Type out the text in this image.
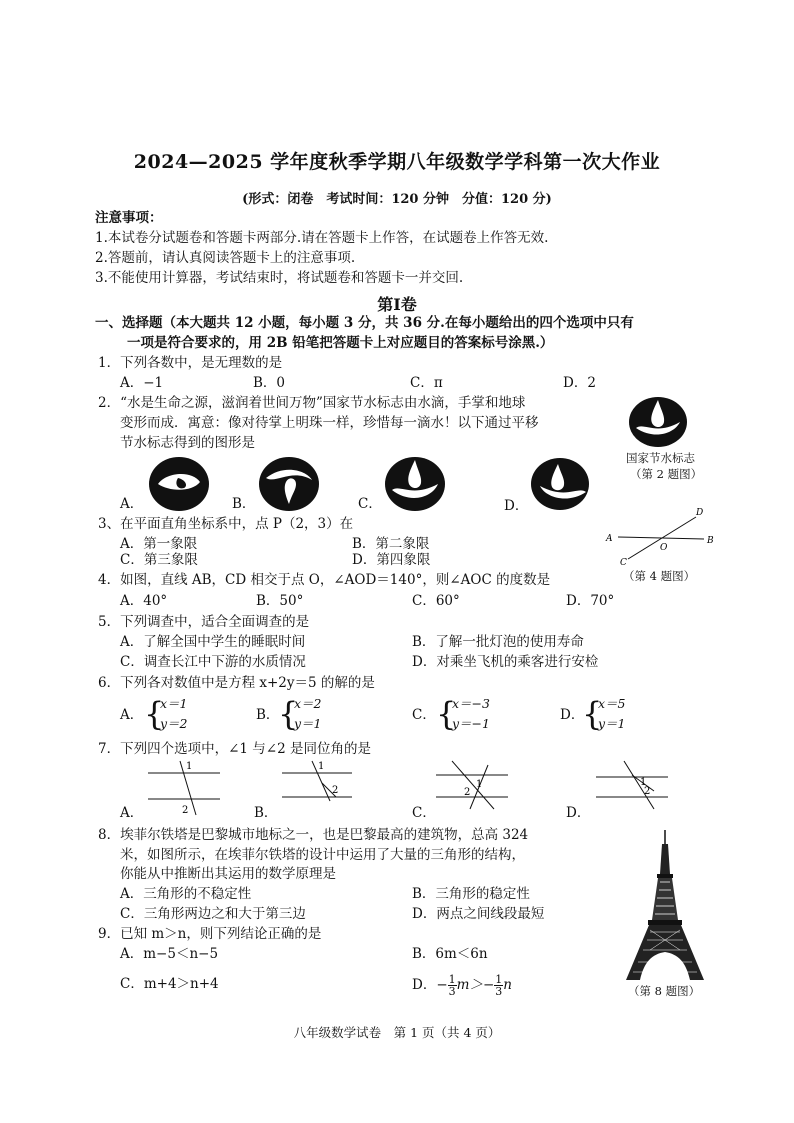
2024—2025 学年度秋季学期八年级数学学科第一次大作业
(形式：闭卷　考试时间：120 分钟　分值：120 分)
注意事项：
1.本试卷分试题卷和答题卡两部分.请在答题卡上作答，在试题卷上作答无效.
2.答题前，请认真阅读答题卡上的注意事项.
3.不能使用计算器，考试结束时，将试题卷和答题卡一并交回.
第Ⅰ卷
一、选择题（本大题共 12 小题，每小题 3 分，共 36 分.在每小题给出的四个选项中只有
一项是符合要求的，用 2B 铅笔把答题卡上对应题目的答案标号涂黑.）
1．下列各数中，是无理数的是
A．−1	B．0	C．π	D．2
2．“水是生命之源，滋润着世间万物”国家节水标志由水滴，手掌和地球
变形而成．寓意：像对待掌上明珠一样，珍惜每一滴水！以下通过平移
节水标志得到的图形是
国家节水标志
（第 2 题图）
A．	B．	C．	D．
3、在平面直角坐标系中，点 P（2，3）在
A．第一象限	B．第二象限
C．第三象限	D．第四象限
A	B
C
D
O
（第 4 题图）
4．如图，直线 AB，CD 相交于点 O，∠AOD＝140°，则∠AOC 的度数是
A．40°	B．50°	C．60°	D．70°
5．下列调查中，适合全面调查的是
A．了解全国中学生的睡眠时间	B．了解一批灯泡的使用寿命
C．调查长江中下游的水质情况	D．对乘坐飞机的乘客进行安检
6．下列各对数值中是方程 x+2y＝5 的解的是
A． {
x＝1
y＝2
B．
{
x＝2
y＝1
C． {
x＝−3
y＝−1
D．
{
x＝5
y＝1
7．下列四个选项中，∠1 与∠2 是同位角的是
A．
1
2	B．
1
2
C．
1
2
D．
1
2
8．埃菲尔铁塔是巴黎城市地标之一，也是巴黎最高的建筑物，总高 324
米，如图所示，在埃菲尔铁塔的设计中运用了大量的三角形的结构，
你能从中推断出其运用的数学原理是
A．三角形的不稳定性	B．三角形的稳定性
C．三角形两边之和大于第三边	D．两点之间线段最短
（第 8 题图）
9．已知 m＞n，则下列结论正确的是
A．m−5＜n−5	B．6m＜6n
C．m+4＞n+4	D．− $\frac{1}{3} m>- \frac{1}{3}$ n
八年级数学试卷　第 1 页（共 4 页）
